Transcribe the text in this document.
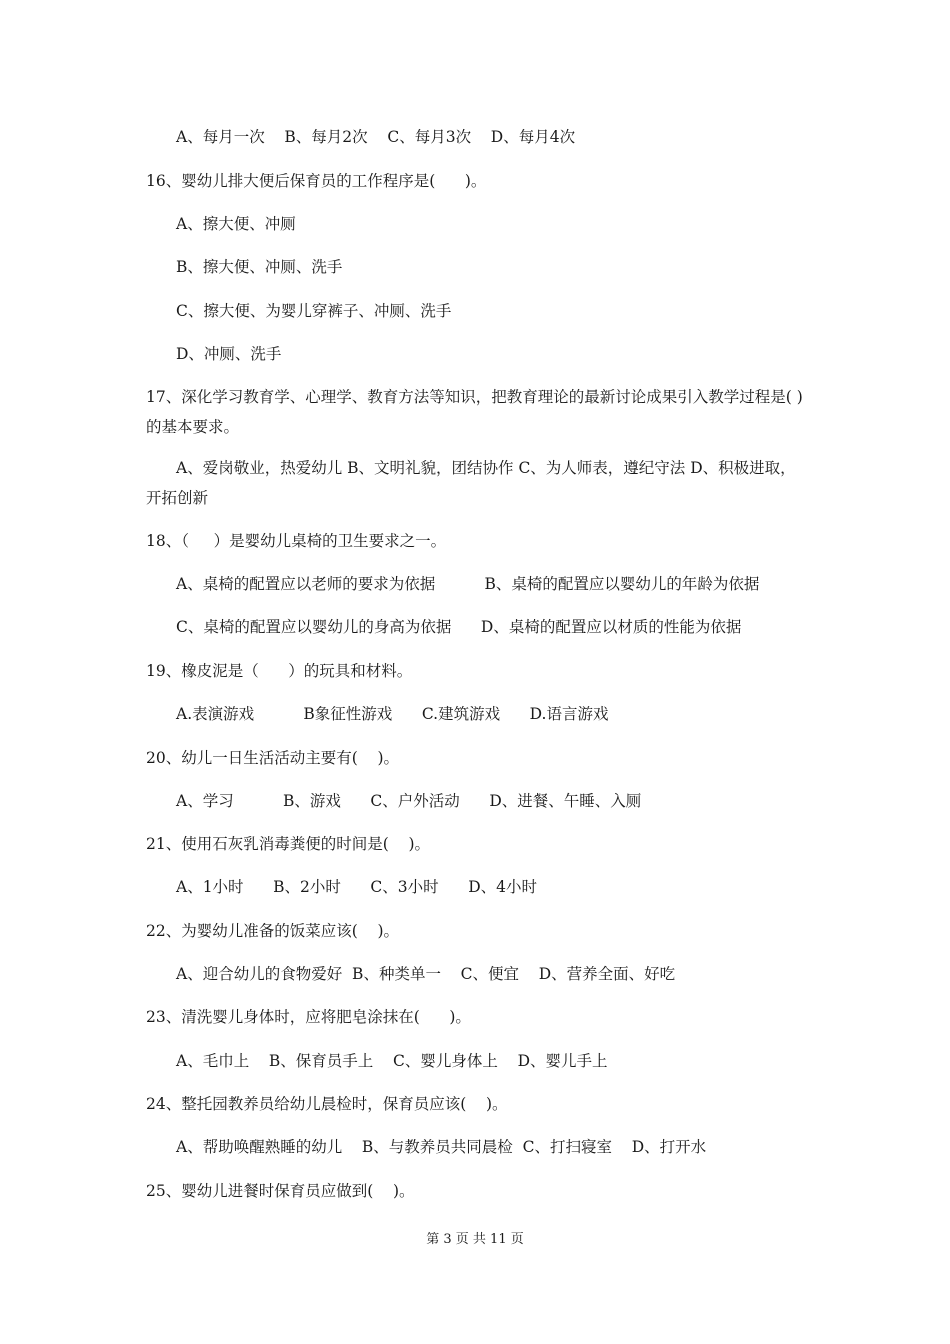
A、每月一次    B、每月2次    C、每月3次    D、每月4次
16、婴幼儿排大便后保育员的工作程序是(      )。
A、擦大便、冲厕
B、擦大便、冲厕、洗手
C、擦大便、为婴儿穿裤子、冲厕、洗手
D、冲厕、洗手
17、深化学习教育学、心理学、教育方法等知识，把教育理论的最新讨论成果引入教学过程是( )的基本要求。
A、爱岗敬业，热爱幼儿 B、文明礼貌，团结协作 C、为人师表，遵纪守法 D、积极进取，开拓创新
18、（     ）是婴幼儿桌椅的卫生要求之一。
A、桌椅的配置应以老师的要求为依据          B、桌椅的配置应以婴幼儿的年龄为依据
C、桌椅的配置应以婴幼儿的身高为依据      D、桌椅的配置应以材质的性能为依据
19、橡皮泥是（      ）的玩具和材料。
A.表演游戏          B象征性游戏      C.建筑游戏      D.语言游戏
20、幼儿一日生活活动主要有(    )。
A、学习          B、游戏      C、户外活动      D、进餐、午睡、入厕
21、使用石灰乳消毒粪便的时间是(    )。
A、1小时      B、2小时      C、3小时      D、4小时
22、为婴幼儿准备的饭菜应该(    )。
A、迎合幼儿的食物爱好  B、种类单一    C、便宜    D、营养全面、好吃
23、清洗婴儿身体时，应将肥皂涂抹在(      )。
A、毛巾上    B、保育员手上    C、婴儿身体上    D、婴儿手上
24、整托园教养员给幼儿晨检时，保育员应该(    )。
A、帮助唤醒熟睡的幼儿    B、与教养员共同晨检  C、打扫寝室    D、打开水
25、婴幼儿进餐时保育员应做到(    )。
第 3 页 共 11 页
